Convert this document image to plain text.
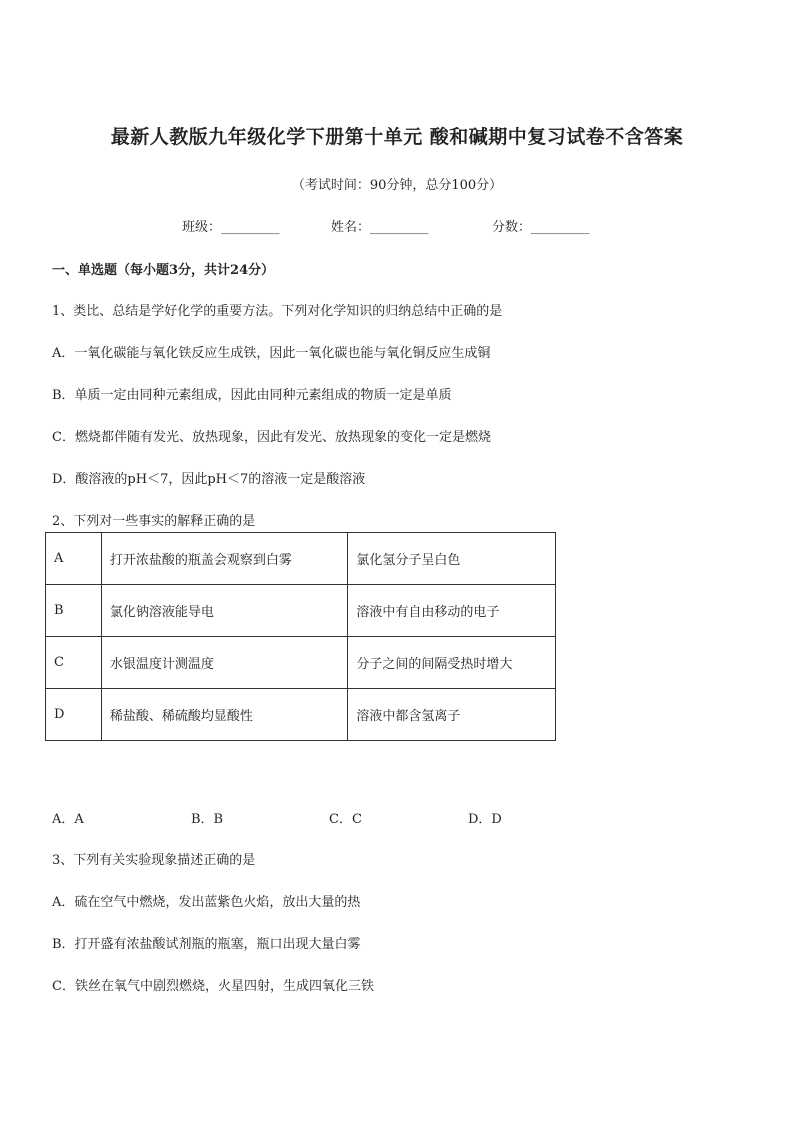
最新人教版九年级化学下册第十单元 酸和碱期中复习试卷不含答案
（考试时间：90分钟，总分100分）
班级：_________	姓名：_________	分数：_________
一、单选题（每小题3分，共计24分）
1、类比、总结是学好化学的重要方法。下列对化学知识的归纳总结中正确的是
A．一氧化碳能与氧化铁反应生成铁，因此一氧化碳也能与氧化铜反应生成铜
B．单质一定由同种元素组成，因此由同种元素组成的物质一定是单质
C．燃烧都伴随有发光、放热现象，因此有发光、放热现象的变化一定是燃烧
D．酸溶液的pH＜7，因此pH＜7的溶液一定是酸溶液
2、下列对一些事实的解释正确的是
A	打开浓盐酸的瓶盖会观察到白雾	氯化氢分子呈白色
B	氯化钠溶液能导电	溶液中有自由移动的电子
C	水银温度计测温度	分子之间的间隔受热时增大
D	稀盐酸、稀硫酸均显酸性	溶液中都含氢离子
A．A	B．B	C．C	D．D
3、下列有关实验现象描述正确的是
A．硫在空气中燃烧，发出蓝紫色火焰，放出大量的热
B．打开盛有浓盐酸试剂瓶的瓶塞，瓶口出现大量白雾
C．铁丝在氧气中剧烈燃烧，火星四射，生成四氧化三铁
